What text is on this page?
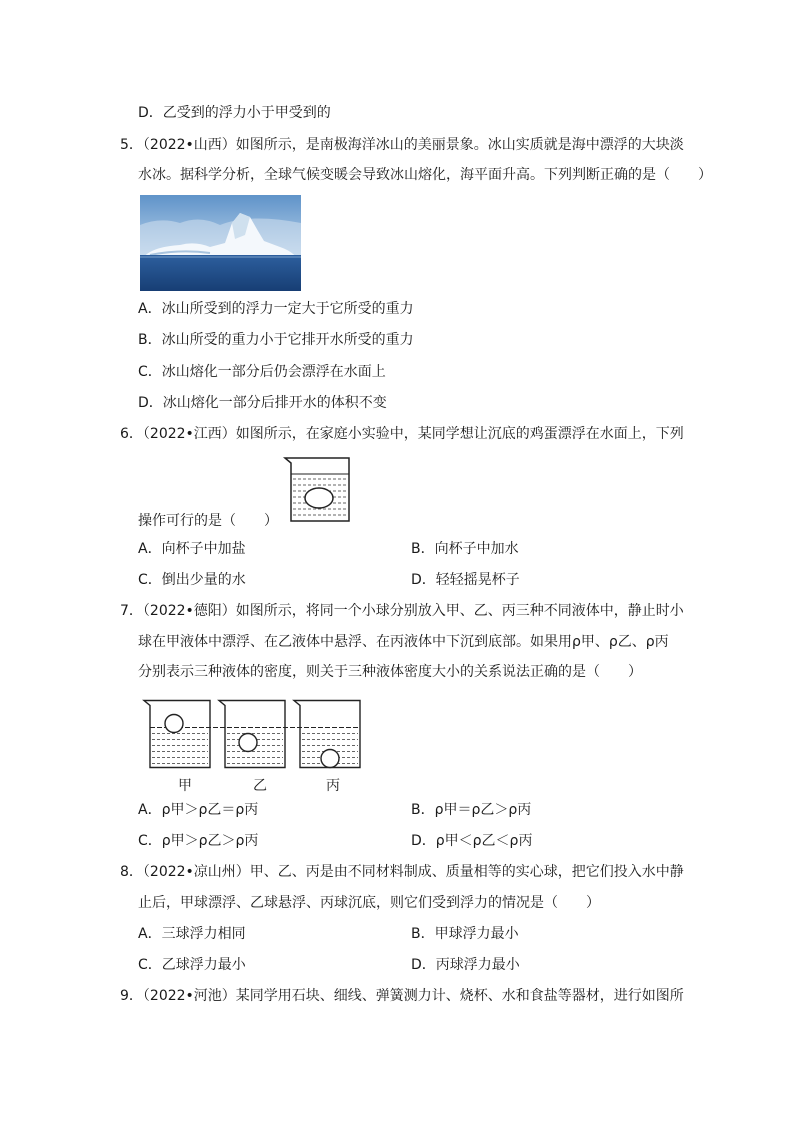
D．乙受到的浮力小于甲受到的
5．（2022•山西）如图所示，是南极海洋冰山的美丽景象。冰山实质就是海中漂浮的大块淡
水冰。据科学分析，全球气候变暖会导致冰山熔化，海平面升高。下列判断正确的是（　　）
A．冰山所受到的浮力一定大于它所受的重力
B．冰山所受的重力小于它排开水所受的重力
C．冰山熔化一部分后仍会漂浮在水面上
D．冰山熔化一部分后排开水的体积不变
6．（2022•江西）如图所示，在家庭小实验中，某同学想让沉底的鸡蛋漂浮在水面上，下列
操作可行的是（　　）
A．向杯子中加盐	B．向杯子中加水
C．倒出少量的水	D．轻轻摇晃杯子
7．（2022•德阳）如图所示，将同一个小球分别放入甲、乙、丙三种不同液体中，静止时小
球在甲液体中漂浮、在乙液体中悬浮、在丙液体中下沉到底部。如果用ρ甲、ρ乙、ρ丙
分别表示三种液体的密度，则关于三种液体密度大小的关系说法正确的是（　　）
甲	乙	丙
A．ρ甲＞ρ乙＝ρ丙	B．ρ甲＝ρ乙＞ρ丙
C．ρ甲＞ρ乙＞ρ丙	D．ρ甲＜ρ乙＜ρ丙
8．（2022•凉山州）甲、乙、丙是由不同材料制成、质量相等的实心球，把它们投入水中静
止后，甲球漂浮、乙球悬浮、丙球沉底，则它们受到浮力的情况是（　　）
A．三球浮力相同	B．甲球浮力最小
C．乙球浮力最小	D．丙球浮力最小
9．（2022•河池）某同学用石块、细线、弹簧测力计、烧杯、水和食盐等器材，进行如图所
